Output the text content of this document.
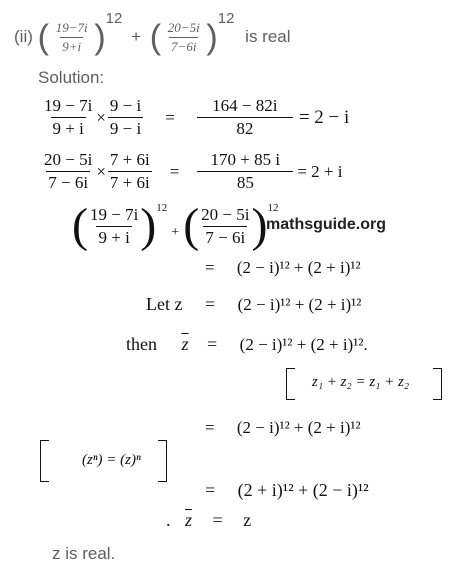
(ii) ( $\frac{19-7i}{9+i} )^{12}$ + ( $\frac{20-5i}{7-6i} )^{12}$ is real
Solution:
$\frac{19 - 7i}{9 + i} \times \frac{9 - i}{9 - i} = \frac{164 - 82i}{82} = 2 - i$
$\frac{20 - 5i}{7 - 6i} \times \frac{7 + 6i}{7 + 6i} = \frac{170 + 85 i}{85} = 2 + i$
( $\frac{19 - 7i}{9 + i} )^{12}$
+ ( $\frac{20 - 5i}{7 - 6i} )^{12}$
mathsguide.org
= (2 − i)¹² + (2 + i)¹²
Let z = (2 − i)¹² + (2 + i)¹²
then $\overline{z} = (2 - i)^{12} + (2 + i)^{12}$.
z₁ + z₂ = z₁ + z₂
= (2 − i)¹² + (2 + i)¹²
(zⁿ) = (z)ⁿ
= (2 + i)¹² + (2 − i)¹²
. $\overline{z} = z$
z is real.
